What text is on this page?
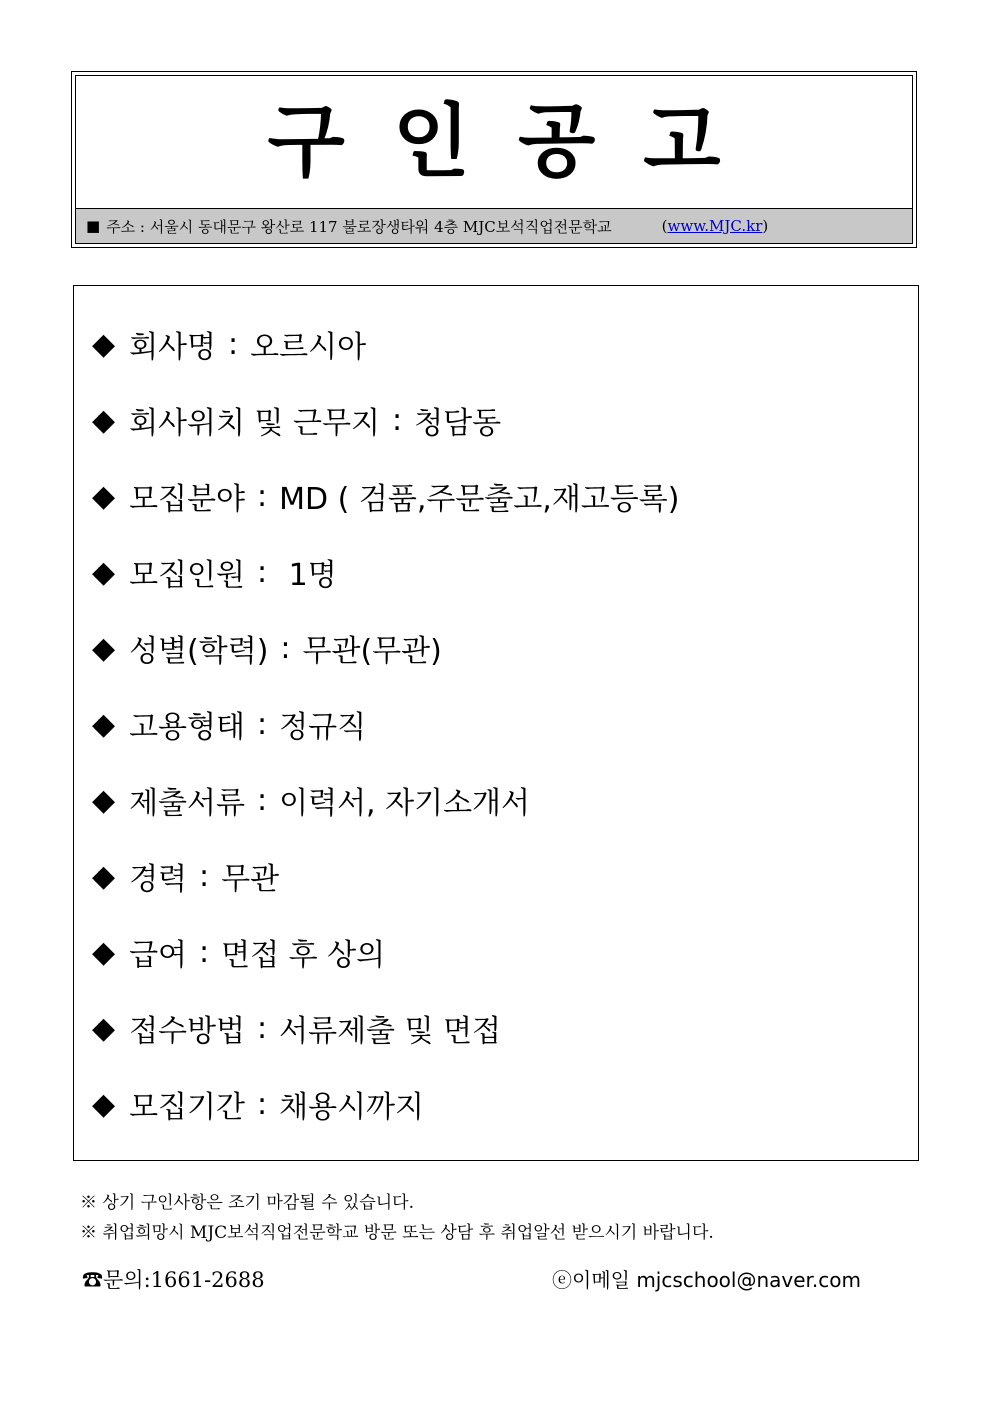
구인공고
■ 주소 : 서울시 동대문구 왕산로 117 불로장생타워 4층 MJC보석직업전문학교	(www.MJC.kr)
◆ 회사명 : 오르시아
◆ 회사위치 및 근무지 : 청담동
◆ 모집분야 : MD ( 검품,주문출고,재고등록)
◆ 모집인원 : 1명
◆ 성별(학력) : 무관(무관)
◆ 고용형태 : 정규직
◆ 제출서류 : 이력서, 자기소개서
◆ 경력 : 무관
◆ 급여 : 면접 후 상의
◆ 접수방법 : 서류제출 및 면접
◆ 모집기간 : 채용시까지
※ 상기 구인사항은 조기 마감될 수 있습니다.
※ 취업희망시 MJC보석직업전문학교 방문 또는 상담 후 취업알선 받으시기 바랍니다.
☎문의:1661-2688	ⓔ이메일 mjcschool@naver.com
